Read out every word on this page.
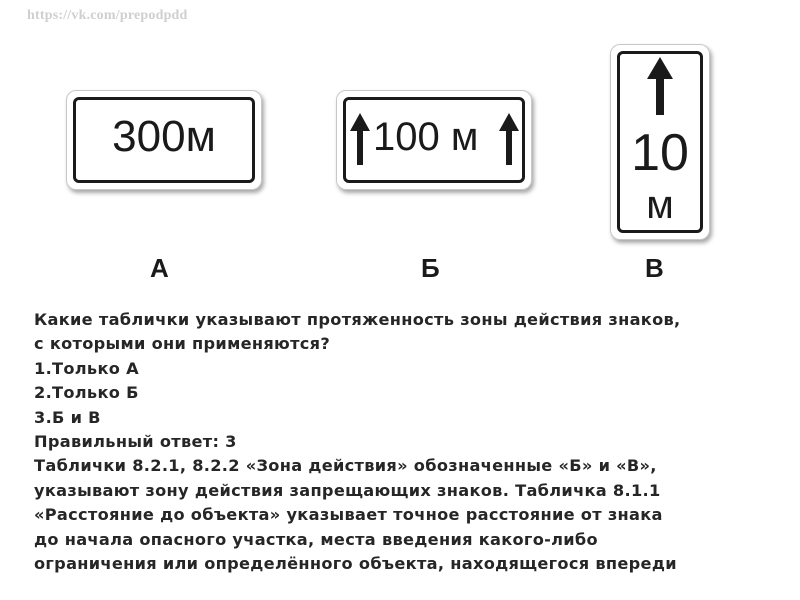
https://vk.com/prepodpdd
300м	100 м	10
м
А	Б	В
Какие таблички указывают протяженность зоны действия знаков,
с которыми они применяются?
1.Только А
2.Только Б
3.Б и В
Правильный ответ: 3
Таблички 8.2.1, 8.2.2 «Зона действия» обозначенные «Б» и «В»,
указывают зону действия запрещающих знаков. Табличка 8.1.1
«Расстояние до объекта» указывает точное расстояние от знака
до начала опасного участка, места введения какого-либо
ограничения или определённого объекта, находящегося впереди
